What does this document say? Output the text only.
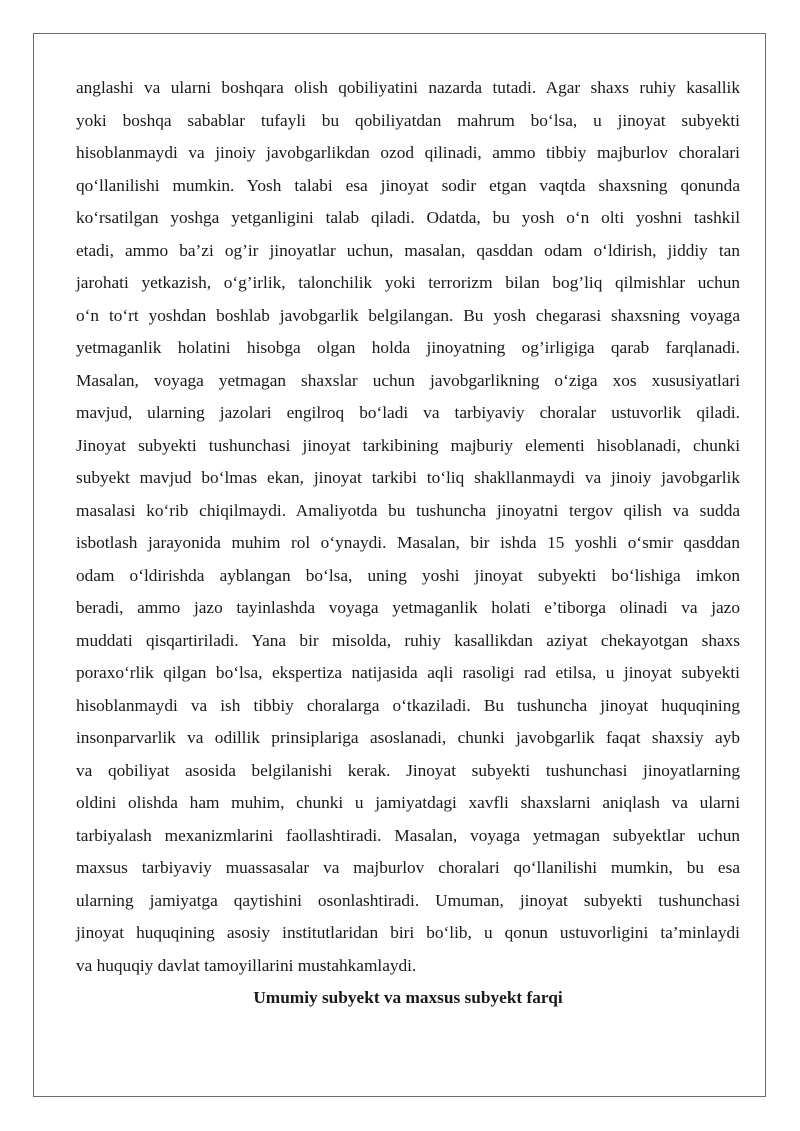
anglashi va ularni boshqara olish qobiliyatini nazarda tutadi. Agar shaxs ruhiy kasallik
yoki boshqa sabablar tufayli bu qobiliyatdan mahrum bo‘lsa, u jinoyat subyekti
hisoblanmaydi va jinoiy javobgarlikdan ozod qilinadi, ammo tibbiy majburlov choralari
qo‘llanilishi mumkin. Yosh talabi esa jinoyat sodir etgan vaqtda shaxsning qonunda
ko‘rsatilgan yoshga yetganligini talab qiladi. Odatda, bu yosh o‘n olti yoshni tashkil
etadi, ammo ba’zi og’ir jinoyatlar uchun, masalan, qasddan odam o‘ldirish, jiddiy tan
jarohati yetkazish, o‘g’irlik, talonchilik yoki terrorizm bilan bog’liq qilmishlar uchun
o‘n to‘rt yoshdan boshlab javobgarlik belgilangan. Bu yosh chegarasi shaxsning voyaga
yetmaganlik holatini hisobga olgan holda jinoyatning og’irligiga qarab farqlanadi.
Masalan, voyaga yetmagan shaxslar uchun javobgarlikning o‘ziga xos xususiyatlari
mavjud, ularning jazolari engilroq bo‘ladi va tarbiyaviy choralar ustuvorlik qiladi.
Jinoyat subyekti tushunchasi jinoyat tarkibining majburiy elementi hisoblanadi, chunki
subyekt mavjud bo‘lmas ekan, jinoyat tarkibi to‘liq shakllanmaydi va jinoiy javobgarlik
masalasi ko‘rib chiqilmaydi. Amaliyotda bu tushuncha jinoyatni tergov qilish va sudda
isbotlash jarayonida muhim rol o‘ynaydi. Masalan, bir ishda 15 yoshli o‘smir qasddan
odam o‘ldirishda ayblangan bo‘lsa, uning yoshi jinoyat subyekti bo‘lishiga imkon
beradi, ammo jazo tayinlashda voyaga yetmaganlik holati e’tiborga olinadi va jazo
muddati qisqartiriladi. Yana bir misolda, ruhiy kasallikdan aziyat chekayotgan shaxs
poraxo‘rlik qilgan bo‘lsa, ekspertiza natijasida aqli rasoligi rad etilsa, u jinoyat subyekti
hisoblanmaydi va ish tibbiy choralarga o‘tkaziladi. Bu tushuncha jinoyat huquqining
insonparvarlik va odillik prinsiplariga asoslanadi, chunki javobgarlik faqat shaxsiy ayb
va qobiliyat asosida belgilanishi kerak. Jinoyat subyekti tushunchasi jinoyatlarning
oldini olishda ham muhim, chunki u jamiyatdagi xavfli shaxslarni aniqlash va ularni
tarbiyalash mexanizmlarini faollashtiradi. Masalan, voyaga yetmagan subyektlar uchun
maxsus tarbiyaviy muassasalar va majburlov choralari qo‘llanilishi mumkin, bu esa
ularning jamiyatga qaytishini osonlashtiradi. Umuman, jinoyat subyekti tushunchasi
jinoyat huquqining asosiy institutlaridan biri bo‘lib, u qonun ustuvorligini ta’minlaydi
va huquqiy davlat tamoyillarini mustahkamlaydi.
Umumiy subyekt va maxsus subyekt farqi
